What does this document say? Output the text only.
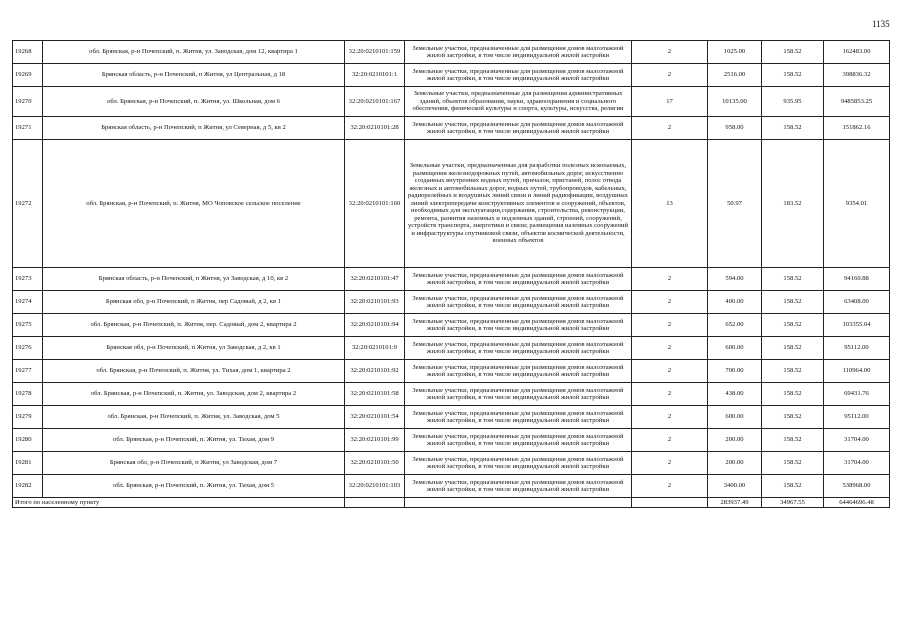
1135
19268	обл. Брянская, р-н Почепский, п. Житня, ул. Заводская, дом 12, квартира 1	32:20:0210101:159	Земельные участки, предназначенные для размещения домов малоэтажной жилой застройки, в том числе индивидуальной жилой застройки	2	1025.00	158.52	162483.00
19269	Брянская область, р-н Почепский, п Житня, ул Центральная, д 18	32:20:0210101:1	Земельные участки, предназначенные для размещения домов малоэтажной жилой застройки, в том числе индивидуальной жилой застройки	2	2516.00	158.52	398836.32
19270	обл. Брянская, р-н Почепский, п. Житня, ул. Школьная, дом 6	32:20:0210101:167	Земельные участки, предназначенные для размещения административных зданий, объектов образования, науки, здравоохранения и социального обеспечения, физической культуры и спорта, культуры, искусства, религии	17	10135.00	935.95	9485853.25
19271	Брянская область, р-н Почепский, п Житня, ул Северная, д 5, кв 2	32:20:0210101:28	Земельные участки, предназначенные для размещения домов малоэтажной жилой застройки, в том числе индивидуальной жилой застройки	2	958.00	158.52	151862.16
19272	обл. Брянская, р-н Почепский, п. Житня, МО Чоповское сельское поселение	32:20:0210101:160	Земельные участки, предназначенные для разработки полезных ископаемых, размещения железнодорожных путей, автомобильных дорог, искусственно созданных внутренних водных путей, причалов, пристаней, полос отвода железных и автомобильных дорог, водных путей, трубопроводов, кабельных, радиорелейных и воздушных линий связи и линий радиофикации, воздушных линий электропередачи конструктивных элементов и сооружений, объектов, необходимых для эксплуатации,содержания, строительства, реконструкции, ремонта, развития наземных и подземных зданий, строений, сооружений, устройств транспорта, энергетики и связи; размещения наземных сооружений и инфраструктуры спутниковой связи, объектов космической деятельности, военных объектов	13	50.97	183.52	9354.01
19273	Брянская область, р-н Почепский, п Житня, ул Заводская, д 10, кв 2	32:20:0210101:47	Земельные участки, предназначенные для размещения домов малоэтажной жилой застройки, в том числе индивидуальной жилой застройки	2	594.00	158.52	94160.88
19274	Брянская обл, р-н Почепский, п Житня, пер Садовый, д 2, кв 1	32:20:0210101:93	Земельные участки, предназначенные для размещения домов малоэтажной жилой застройки, в том числе индивидуальной жилой застройки	2	400.00	158.52	63408.00
19275	обл. Брянская, р-н Почепский, п. Житня, пер. Садовый, дом 2, квартира 2	32:20:0210101:94	Земельные участки, предназначенные для размещения домов малоэтажной жилой застройки, в том числе индивидуальной жилой застройки	2	652.00	158.52	103355.04
19276	Брянская обл, р-н Почепский, п Житня, ул Заводская, д 2, кв 1	32:20:0210101:9	Земельные участки, предназначенные для размещения домов малоэтажной жилой застройки, в том числе индивидуальной жилой застройки	2	600.00	158.52	95112.00
19277	обл. Брянская, р-н Почепский, п. Житня, ул. Тихая, дом 1, квартира 2	32:20:0210101:92	Земельные участки, предназначенные для размещения домов малоэтажной жилой застройки, в том числе индивидуальной жилой застройки	2	700.00	158.52	110964.00
19278	обл. Брянская, р-н Почепский, п. Житня, ул. Заводская, дом 2, квартира 2	32:20:0210101:58	Земельные участки, предназначенные для размещения домов малоэтажной жилой застройки, в том числе индивидуальной жилой застройки	2	438.00	158.52	69431.76
19279	обл. Брянская, р-н Почепский, п. Житня, ул. Заводская, дом 5	32:20:0210101:54	Земельные участки, предназначенные для размещения домов малоэтажной жилой застройки, в том числе индивидуальной жилой застройки	2	600.00	158.52	95112.00
19280	обл. Брянская, р-н Почепский, п. Житня, ул. Тихая, дом 9	32:20:0210101:99	Земельные участки, предназначенные для размещения домов малоэтажной жилой застройки, в том числе индивидуальной жилой застройки	2	200.00	158.52	31704.00
19281	Брянская обл, р-н Почепский, п Житня, ул Заводская, дом 7	32:20:0210101:50	Земельные участки, предназначенные для размещения домов малоэтажной жилой застройки, в том числе индивидуальной жилой застройки	2	200.00	158.52	31704.00
19282	обл. Брянская, р-н Почепский, п. Житня, ул. Тихая, дом 5	32:20:0210101:103	Земельные участки, предназначенные для размещения домов малоэтажной жилой застройки, в том числе индивидуальной жилой застройки	2	3400.00	158.52	538968.00
Итого по населенному пункту					283937.49	34967.55	64464696.48
